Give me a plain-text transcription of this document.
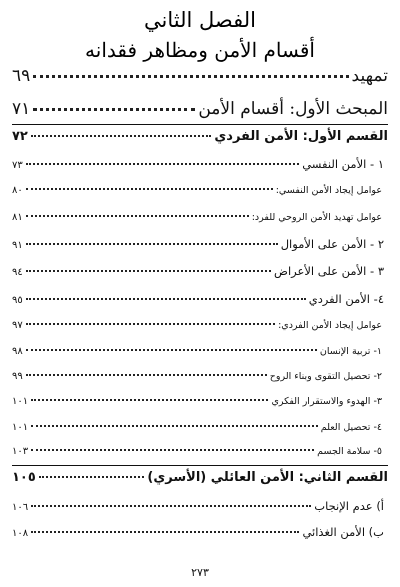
الفصل الثاني
أقسام الأمن ومظاهر فقدانه
تمهيد
٦٩
المبحث الأول: أقسام الأمن
٧١
القسم الأول: الأمن الفردي
٧٢
١ - الأمن النفسي
٧٣
عوامل إيجاد الأمن النفسي:
٨٠
عوامل تهديد الأمن الروحي للفرد:
٨١
٢ - الأمن على الأموال
٩١
٣ - الأمن على الأعراض
٩٤
٤- الأمن الفردي
٩٥
عوامل إيجاد الأمن الفردي:
٩٧
١- تربية الإنسان
٩٨
٢- تحصيل التقوى وبناء الروح
٩٩
٣- الهدوء والاستقرار الفكري
١٠١
٤- تحصيل العلم
١٠١
٥- سلامة الجسم
١٠٣
القسم الثاني: الأمن العائلي (الأسري)
١٠٥
أ) عدم الإنجاب
١٠٦
ب) الأمن الغذائي
١٠٨
٢٧٣
